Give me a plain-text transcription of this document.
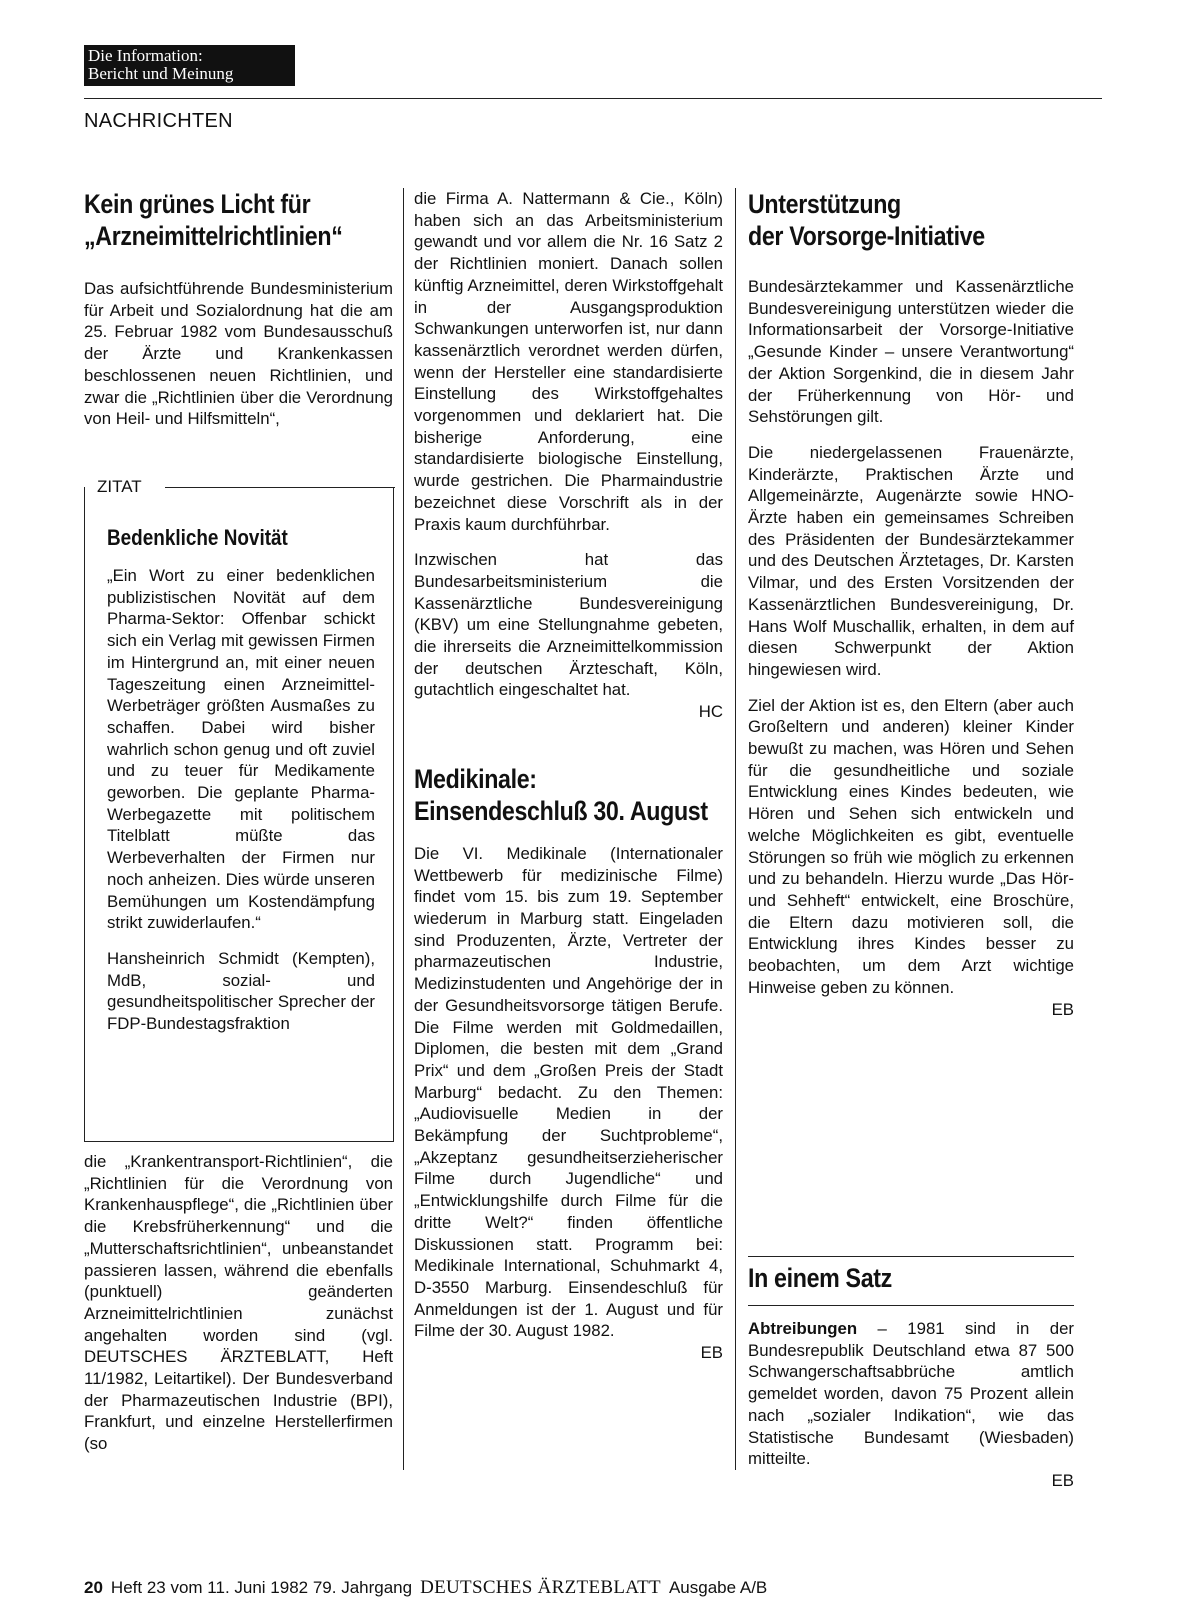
Die Information:
Bericht und Meinung
NACHRICHTEN
Kein grünes Licht für
„Arzneimittelrichtlinien“

Das aufsichtführende Bundesministerium für Arbeit und Sozialordnung hat die am 25. Februar 1982 vom Bundesausschuß der Ärzte und Krankenkassen beschlossenen neuen Richtlinien, und zwar die „Richtlinien über die Verordnung von Heil- und Hilfsmitteln“,

ZITAT
Bedenkliche Novität

„Ein Wort zu einer bedenklichen publizistischen Novität auf dem Pharma-Sektor: Offenbar schickt sich ein Verlag mit gewissen Firmen im Hintergrund an, mit einer neuen Tageszeitung einen Arzneimittel-Werbeträger größten Ausmaßes zu schaffen. Dabei wird bisher wahrlich schon genug und oft zuviel und zu teuer für Medikamente geworben. Die geplante Pharma-Werbegazette mit politischem Titelblatt müßte das Werbeverhalten der Firmen nur noch anheizen. Dies würde unseren Bemühungen um Kostendämpfung strikt zuwiderlaufen.“

Hansheinrich Schmidt (Kempten), MdB, sozial- und gesundheitspolitischer Sprecher der FDP-Bundestagsfraktion

die „Krankentransport-Richtlinien“, die „Richtlinien für die Verordnung von Krankenhauspflege“, die „Richtlinien über die Krebsfrüherkennung“ und die „Mutterschaftsrichtlinien“, unbeanstandet passieren lassen, während die ebenfalls (punktuell) geänderten Arzneimittelrichtlinien zunächst angehalten worden sind (vgl. DEUTSCHES ÄRZTEBLATT, Heft 11/1982, Leitartikel). Der Bundesverband der Pharmazeutischen Industrie (BPI), Frankfurt, und einzelne Herstellerfirmen (so

die Firma A. Nattermann & Cie., Köln) haben sich an das Arbeitsministerium gewandt und vor allem die Nr. 16 Satz 2 der Richtlinien moniert. Danach sollen künftig Arzneimittel, deren Wirkstoffgehalt in der Ausgangsproduktion Schwankungen unterworfen ist, nur dann kassenärztlich verordnet werden dürfen, wenn der Hersteller eine standardisierte Einstellung des Wirkstoffgehaltes vorgenommen und deklariert hat. Die bisherige Anforderung, eine standardisierte biologische Einstellung, wurde gestrichen. Die Pharmaindustrie bezeichnet diese Vorschrift als in der Praxis kaum durchführbar.

Inzwischen hat das Bundesarbeitsministerium die Kassenärztliche Bundesvereinigung (KBV) um eine Stellungnahme gebeten, die ihrerseits die Arzneimittelkommission der deutschen Ärzteschaft, Köln, gutachtlich eingeschaltet hat.

HC
Medikinale:
Einsendeschluß 30. August

Die VI. Medikinale (Internationaler Wettbewerb für medizinische Filme) findet vom 15. bis zum 19. September wiederum in Marburg statt. Eingeladen sind Produzenten, Ärzte, Vertreter der pharmazeutischen Industrie, Medizinstudenten und Angehörige der in der Gesundheitsvorsorge tätigen Berufe. Die Filme werden mit Goldmedaillen, Diplomen, die besten mit dem „Grand Prix“ und dem „Großen Preis der Stadt Marburg“ bedacht. Zu den Themen: „Audiovisuelle Medien in der Bekämpfung der Suchtprobleme“, „Akzeptanz gesundheitserzieherischer Filme durch Jugendliche“ und „Entwicklungshilfe durch Filme für die dritte Welt?“ finden öffentliche Diskussionen statt. Programm bei: Medikinale International, Schuhmarkt 4, D-3550 Marburg. Einsendeschluß für Anmeldungen ist der 1. August und für Filme der 30. August 1982.

EB
Unterstützung
der Vorsorge-Initiative

Bundesärztekammer und Kassenärztliche Bundesvereinigung unterstützen wieder die Informationsarbeit der Vorsorge-Initiative „Gesunde Kinder – unsere Verantwortung“ der Aktion Sorgenkind, die in diesem Jahr der Früherkennung von Hör- und Sehstörungen gilt.

Die niedergelassenen Frauenärzte, Kinderärzte, Praktischen Ärzte und Allgemeinärzte, Augenärzte sowie HNO-Ärzte haben ein gemeinsames Schreiben des Präsidenten der Bundesärztekammer und des Deutschen Ärztetages, Dr. Karsten Vilmar, und des Ersten Vorsitzenden der Kassenärztlichen Bundesvereinigung, Dr. Hans Wolf Muschallik, erhalten, in dem auf diesen Schwerpunkt der Aktion hingewiesen wird.

Ziel der Aktion ist es, den Eltern (aber auch Großeltern und anderen) kleiner Kinder bewußt zu machen, was Hören und Sehen für die gesundheitliche und soziale Entwicklung eines Kindes bedeuten, wie Hören und Sehen sich entwickeln und welche Möglichkeiten es gibt, eventuelle Störungen so früh wie möglich zu erkennen und zu behandeln. Hierzu wurde „Das Hör- und Sehheft“ entwickelt, eine Broschüre, die Eltern dazu motivieren soll, die Entwicklung ihres Kindes besser zu beobachten, um dem Arzt wichtige Hinweise geben zu können.

EB
In einem Satz

Abtreibungen – 1981 sind in der Bundesrepublik Deutschland etwa 87 500 Schwangerschaftsabbrüche amtlich gemeldet worden, davon 75 Prozent allein nach „sozialer Indikation“, wie das Statistische Bundesamt (Wiesbaden) mitteilte.

EB
20 Heft 23 vom 11. Juni 1982 79. Jahrgang DEUTSCHES ÄRZTEBLATT Ausgabe A/B
